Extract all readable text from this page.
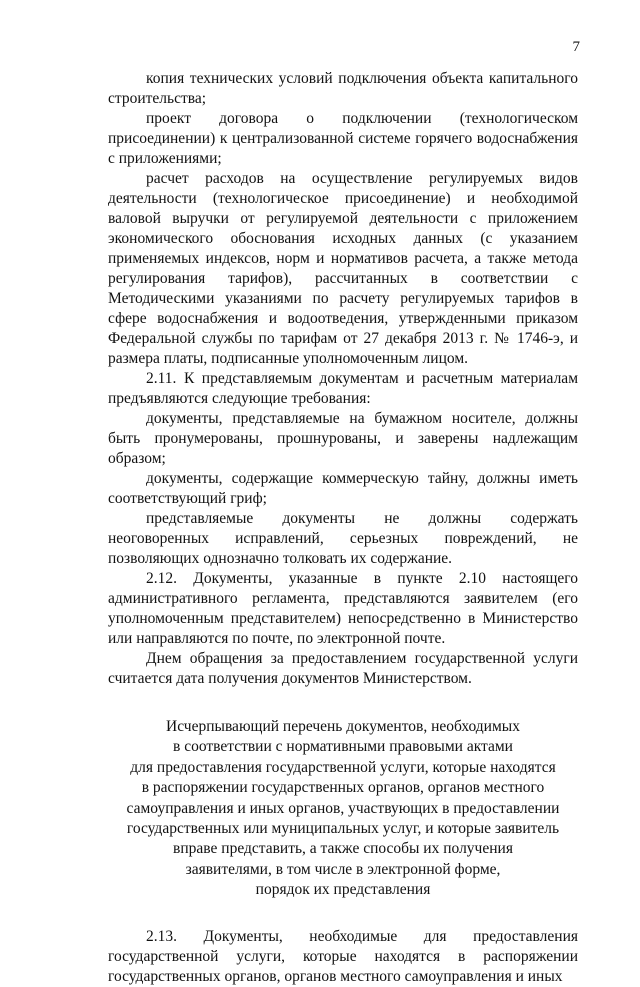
7

копия технических условий подключения объекта капитального строительства;

проект договора о подключении (технологическом присоединении) к централизованной системе горячего водоснабжения с приложениями;

расчет расходов на осуществление регулируемых видов деятельности (технологическое присоединение) и необходимой валовой выручки от регулируемой деятельности с приложением экономического обоснования исходных данных (с указанием применяемых индексов, норм и нормативов расчета, а также метода регулирования тарифов), рассчитанных в соответствии с Методическими указаниями по расчету регулируемых тарифов в сфере водоснабжения и водоотведения, утвержденными приказом Федеральной службы по тарифам от 27 декабря 2013 г. № 1746-э, и размера платы, подписанные уполномоченным лицом.

2.11. К представляемым документам и расчетным материалам предъявляются следующие требования:

документы, представляемые на бумажном носителе, должны быть пронумерованы, прошнурованы, и заверены надлежащим образом;

документы, содержащие коммерческую тайну, должны иметь соответствующий гриф;

представляемые документы не должны содержать неоговоренных исправлений, серьезных повреждений, не позволяющих однозначно толковать их содержание.

2.12. Документы, указанные в пункте 2.10 настоящего административного регламента, представляются заявителем (его уполномоченным представителем) непосредственно в Министерство или направляются по почте, по электронной почте.

Днем обращения за предоставлением государственной услуги считается дата получения документов Министерством.

Исчерпывающий перечень документов, необходимых
в соответствии с нормативными правовыми актами
для предоставления государственной услуги, которые находятся
в распоряжении государственных органов, органов местного
самоуправления и иных органов, участвующих в предоставлении
государственных или муниципальных услуг, и которые заявитель
вправе представить, а также способы их получения
заявителями, в том числе в электронной форме,
порядок их представления

2.13. Документы, необходимые для предоставления государственной услуги, которые находятся в распоряжении государственных органов, органов местного самоуправления и иных
